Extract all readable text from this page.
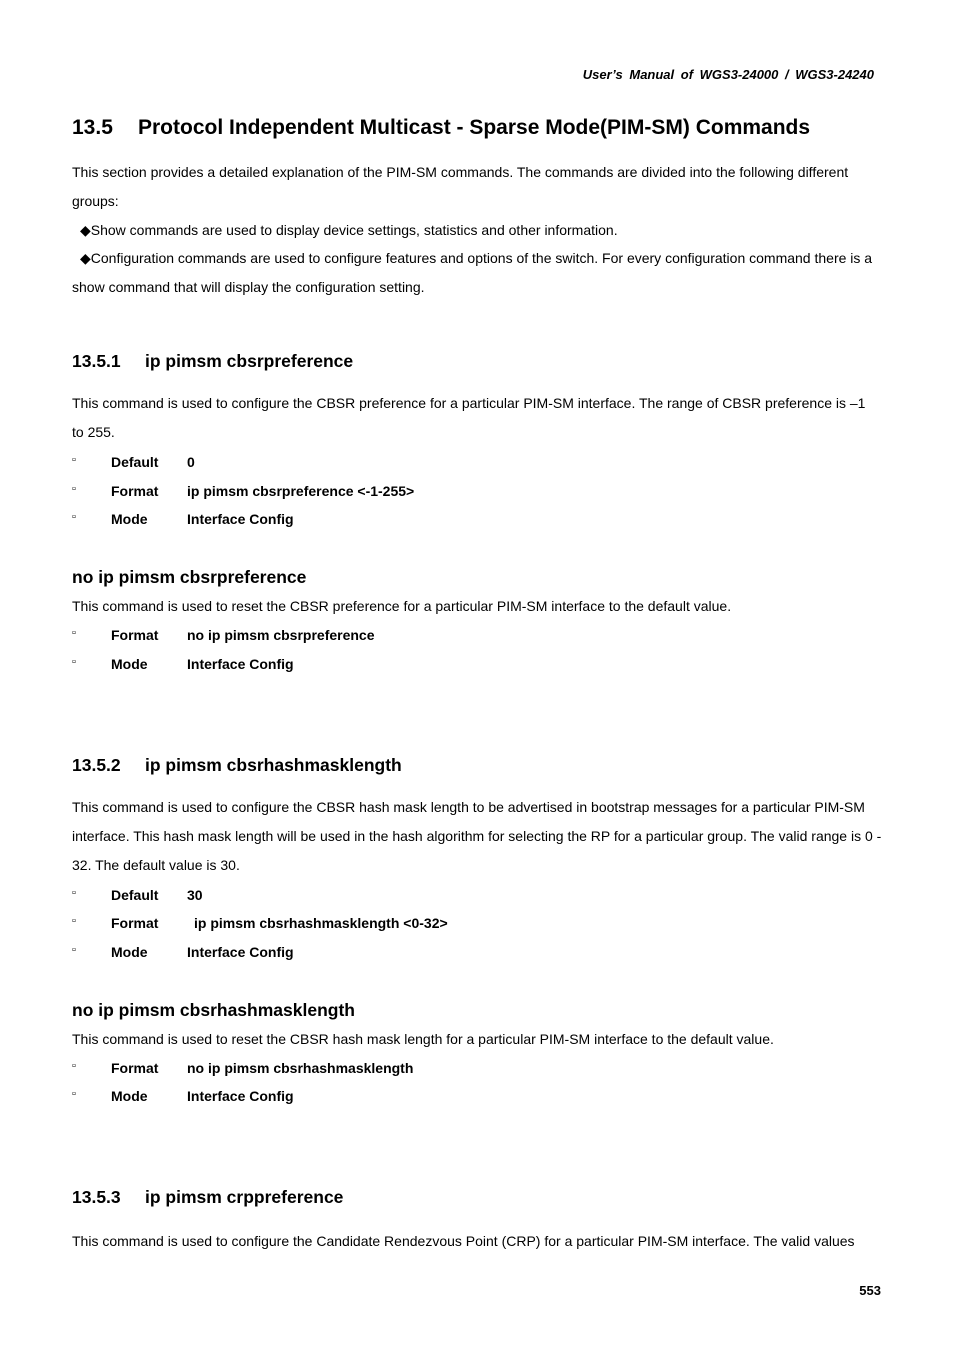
User’s Manual of WGS3-24000 / WGS3-24240
13.5 Protocol Independent Multicast - Sparse Mode(PIM-SM) Commands
This section provides a detailed explanation of the PIM-SM commands. The commands are divided into the following different groups:
◆Show commands are used to display device settings, statistics and other information.
◆Configuration commands are used to configure features and options of the switch. For every configuration command there is a show command that will display the configuration setting.
13.5.1 ip pimsm cbsrpreference
This command is used to configure the CBSR preference for a particular PIM-SM interface. The range of CBSR preference is –1 to 255.
▫	Default 0
▫	Format ip pimsm cbsrpreference <-1-255>
▫	Mode	Interface Config
no ip pimsm cbsrpreference
This command is used to reset the CBSR preference for a particular PIM-SM interface to the default value.
▫	Format no ip pimsm cbsrpreference
▫	Mode	Interface Config
13.5.2 ip pimsm cbsrhashmasklength
This command is used to configure the CBSR hash mask length to be advertised in bootstrap messages for a particular PIM-SM interface. This hash mask length will be used in the hash algorithm for selecting the RP for a particular group. The valid range is 0 - 32. The default value is 30.
▫	Default 30
▫	Format	ip pimsm cbsrhashmasklength <0-32>
▫	Mode	Interface Config
no ip pimsm cbsrhashmasklength
This command is used to reset the CBSR hash mask length for a particular PIM-SM interface to the default value.
▫	Format no ip pimsm cbsrhashmasklength
▫	Mode	Interface Config
13.5.3 ip pimsm crppreference
This command is used to configure the Candidate Rendezvous Point (CRP) for a particular PIM-SM interface. The valid values
553
